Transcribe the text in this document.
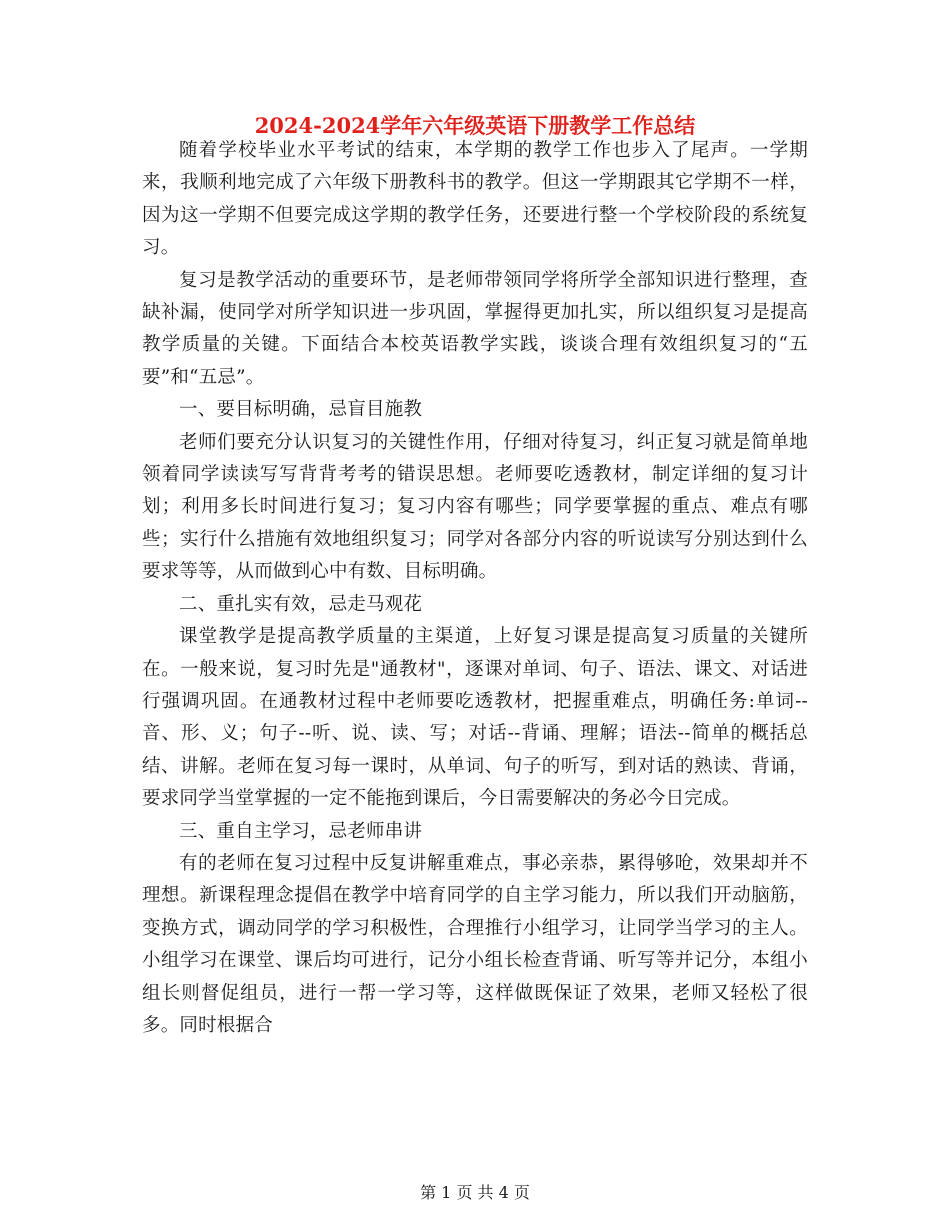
2024-2024学年六年级英语下册教学工作总结

随着学校毕业水平考试的结束，本学期的教学工作也步入了尾声。一学期来，我顺利地完成了六年级下册教科书的教学。但这一学期跟其它学期不一样，因为这一学期不但要完成这学期的教学任务，还要进行整一个学校阶段的系统复习。

复习是教学活动的重要环节，是老师带领同学将所学全部知识进行整理，查缺补漏，使同学对所学知识进一步巩固，掌握得更加扎实，所以组织复习是提高教学质量的关键。下面结合本校英语教学实践，谈谈合理有效组织复习的“五要”和“五忌”。

一、要目标明确，忌盲目施教

老师们要充分认识复习的关键性作用，仔细对待复习，纠正复习就是简单地领着同学读读写写背背考考的错误思想。老师要吃透教材，制定详细的复习计划；利用多长时间进行复习；复习内容有哪些；同学要掌握的重点、难点有哪些；实行什么措施有效地组织复习；同学对各部分内容的听说读写分别达到什么要求等等，从而做到心中有数、目标明确。

二、重扎实有效，忌走马观花

课堂教学是提高教学质量的主渠道，上好复习课是提高复习质量的关键所在。一般来说，复习时先是"通教材"，逐课对单词、句子、语法、课文、对话进行强调巩固。在通教材过程中老师要吃透教材，把握重难点，明确任务:单词--音、形、义；句子--听、说、读、写；对话--背诵、理解；语法--简单的概括总结、讲解。老师在复习每一课时，从单词、句子的听写，到对话的熟读、背诵，要求同学当堂掌握的一定不能拖到课后，今日需要解决的务必今日完成。

三、重自主学习，忌老师串讲

有的老师在复习过程中反复讲解重难点，事必亲恭，累得够呛，效果却并不理想。新课程理念提倡在教学中培育同学的自主学习能力，所以我们开动脑筋，变换方式，调动同学的学习积极性，合理推行小组学习，让同学当学习的主人。小组学习在课堂、课后均可进行，记分小组长检查背诵、听写等并记分，本组小组长则督促组员，进行一帮一学习等，这样做既保证了效果，老师又轻松了很多。同时根据合

第 1 页 共 4 页
